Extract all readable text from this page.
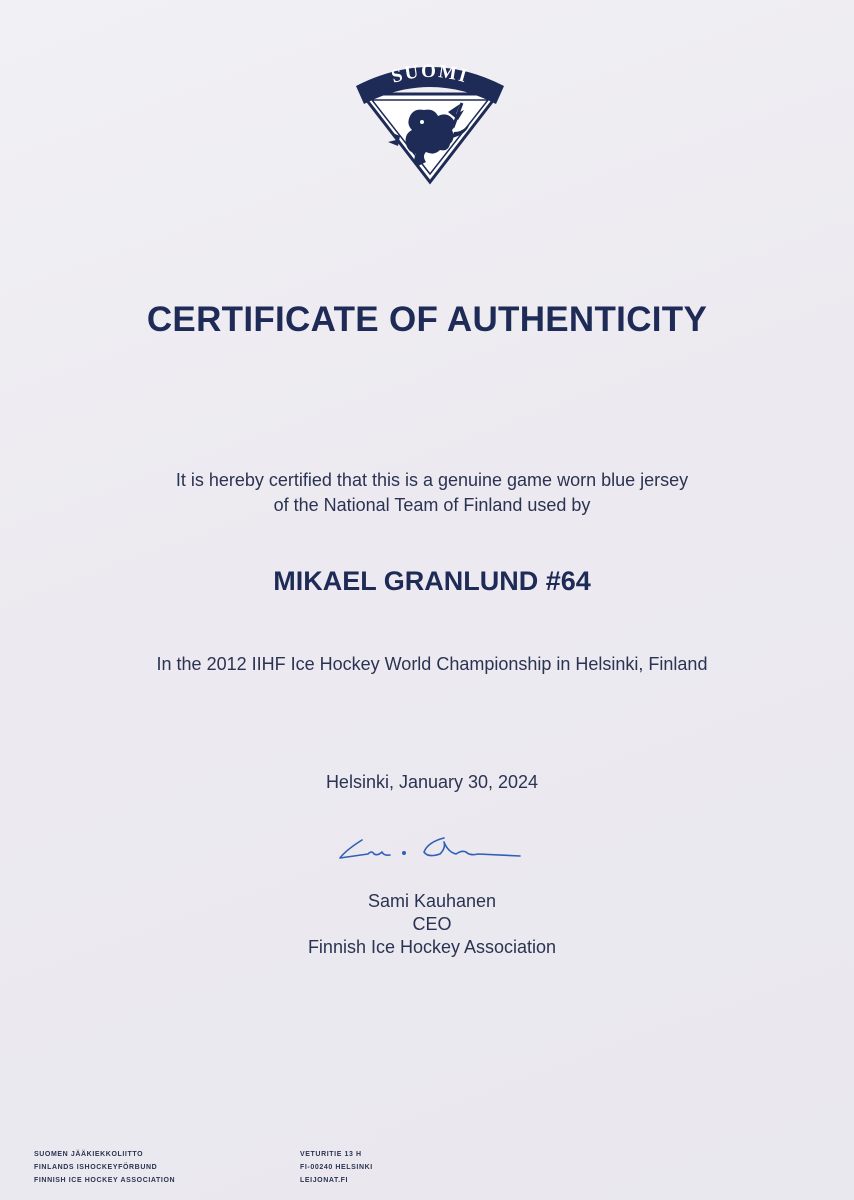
SUOMI
CERTIFICATE OF AUTHENTICITY
It is hereby certified that this is a genuine game worn blue jersey
of the National Team of Finland used by
MIKAEL GRANLUND #64
In the 2012 IIHF Ice Hockey World Championship in Helsinki, Finland
Helsinki, January 30, 2024
Sami Kauhanen
CEO
Finnish Ice Hockey Association
SUOMEN JÄÄKIEKKOLIITTO
FINLANDS ISHOCKEYFÖRBUND
FINNISH ICE HOCKEY ASSOCIATION
VETURITIE 13 H
FI-00240 HELSINKI
LEIJONAT.FI
